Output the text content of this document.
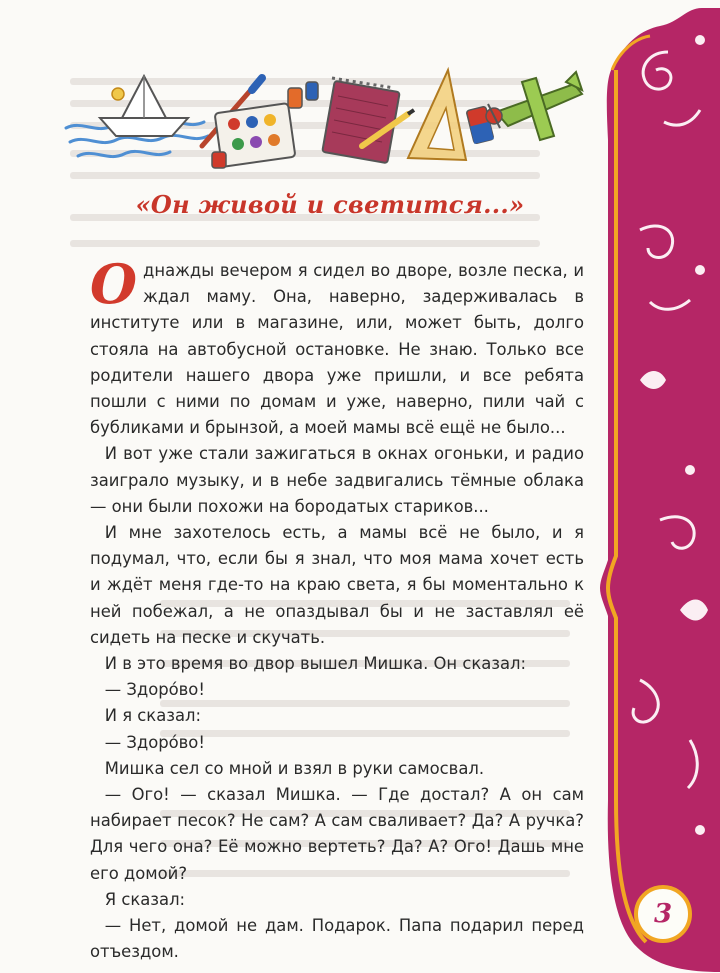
«Он живой и светится...»

Однажды вечером я сидел во дворе, возле песка, и ждал маму. Она, наверно, задерживалась в институте или в магазине, или, может быть, долго стояла на автобусной остановке. Не знаю. Только все родители нашего двора уже пришли, и все ребята пошли с ними по домам и уже, наверно, пили чай с бубликами и брынзой, а моей мамы всё ещё не было...

И вот уже стали зажигаться в окнах огоньки, и радио заиграло музыку, и в небе задвигались тёмные облака — они были похожи на бородатых стариков...

И мне захотелось есть, а мамы всё не было, и я подумал, что, если бы я знал, что моя мама хочет есть и ждёт меня где-то на краю света, я бы моментально к ней побежал, а не опаздывал бы и не заставлял её сидеть на песке и скучать.

И в это время во двор вышел Мишка. Он сказал:

— Здоро́во!

И я сказал:

— Здоро́во!

Мишка сел со мной и взял в руки самосвал.

— Ого! — сказал Мишка. — Где достал? А он сам набирает песок? Не сам? А сам сваливает? Да? А ручка? Для чего она? Её можно вертеть? Да? А? Ого! Дашь мне его домой?

Я сказал:

— Нет, домой не дам. Подарок. Папа подарил перед отъездом.

3
